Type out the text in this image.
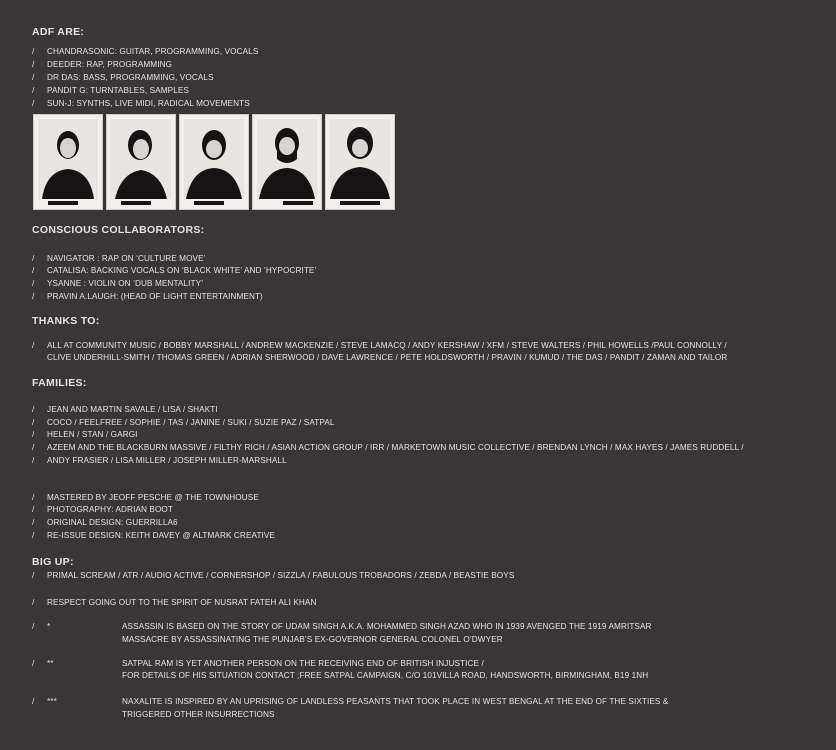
ADF ARE:
/ CHANDRASONIC: GUITAR, PROGRAMMING, VOCALS
/ DEEDER: RAP, PROGRAMMING
/ DR DAS: BASS, PROGRAMMING, VOCALS
/ PANDIT G: TURNTABLES, SAMPLES
/ SUN-J: SYNTHS, LIVE MIDI, RADICAL MOVEMENTS
CONSCIOUS COLLABORATORS:
/ NAVIGATOR : RAP ON ‘CULTURE MOVE’
/ CATALISA: BACKING VOCALS ON ‘BLACK WHITE’ AND ‘HYPOCRITE’
/ YSANNE : VIOLIN ON ‘DUB MENTALITY’
/ PRAVIN A.LAUGH: (HEAD OF LIGHT ENTERTAINMENT)
THANKS TO:
/ ALL AT COMMUNITY MUSIC / BOBBY MARSHALL / ANDREW MACKENZIE / STEVE LAMACQ / ANDY KERSHAW / XFM / STEVE WALTERS / PHIL HOWELLS /PAUL CONNOLLY /
CLIVE UNDERHILL-SMITH / THOMAS GREEN / ADRIAN SHERWOOD / DAVE LAWRENCE / PETE HOLDSWORTH / PRAVIN / KUMUD / THE DAS / PANDIT / ZAMAN AND TAILOR
FAMILIES:
/ JEAN AND MARTIN SAVALE / LISA / SHAKTI
/ COCO / FEELFREE / SOPHIE / TAS / JANINE / SUKI / SUZIE PAZ / SATPAL
/ HELEN / STAN / GARGI
/ AZEEM AND THE BLACKBURN MASSIVE / FILTHY RICH / ASIAN ACTION GROUP / IRR / MARKETOWN MUSIC COLLECTIVE / BRENDAN LYNCH / MAX HAYES / JAMES RUDDELL /
/ ANDY FRASIER / LISA MILLER / JOSEPH MILLER-MARSHALL
/ MASTERED BY JEOFF PESCHE @ THE TOWNHOUSE
/ PHOTOGRAPHY: ADRIAN BOOT
/ ORIGINAL DESIGN: GUERRILLA6
/ RE-ISSUE DESIGN: KEITH DAVEY @ ALTMARK CREATIVE
BIG UP:
/ PRIMAL SCREAM / ATR / AUDIO ACTIVE / CORNERSHOP / SIZZLA / FABULOUS TROBADORS / ZEBDA / BEASTIE BOYS
/ RESPECT GOING OUT TO THE SPIRIT OF NUSRAT FATEH ALI KHAN
/ *	ASSASSIN IS BASED ON THE STORY OF UDAM SINGH A.K.A. MOHAMMED SINGH AZAD WHO IN 1939 AVENGED THE 1919 AMRITSAR
MASSACRE BY ASSASSINATING THE PUNJAB’S EX-GOVERNOR GENERAL COLONEL O’DWYER
/ **	SATPAL RAM IS YET ANOTHER PERSON ON THE RECEIVING END OF BRITISH INJUSTICE /
FOR DETAILS OF HIS SITUATION CONTACT ;FREE SATPAL CAMPAIGN, C/O 101VILLA ROAD, HANDSWORTH, BIRMINGHAM, B19 1NH
/ ***	NAXALITE IS INSPIRED BY AN UPRISING OF LANDLESS PEASANTS THAT TOOK PLACE IN WEST BENGAL AT THE END OF THE SIXTIES &
TRIGGERED OTHER INSURRECTIONS
